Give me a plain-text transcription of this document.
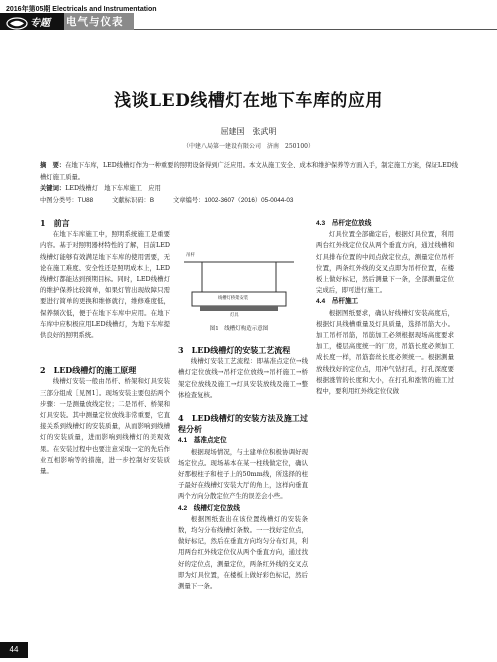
2016年第05期 Electricals and Instrumentation
专题 电气与仪表
浅谈LED线槽灯在地下车库的应用
屈建国　张武明
（中建八局第一建设有限公司　济南　250100）
摘　要：在地下车库，LED线槽灯作为一种重要的照明设备得到广泛应用。本文从施工安全、成本和维护保养等方面入手，制定施工方案，保证LED线槽灯施工质量。
关键词：LED线槽灯　地下车库施工　应用
中图分类号：TU88　　　文献标识码：B　　　文章编号：1002-3607（2016）05-0044-03
1　前言

在地下车库施工中，照明系统施工是重要内容。基于对照明器材特性的了解，目前LED线槽灯能够有效满足地下车库的使用需要，无论在施工难度、安全性还是照明成本上，LED线槽灯都能达到预期目标。同时，LED线槽灯的维护保养比较简单，如果灯管出现故障只需要进行简单的更换和维修就行，维修难度低，保养频次低，便于在地下车库中应用。在地下车库中应积极应用LED线槽灯，为地下车库提供良好的照明系统。

2　LED线槽灯的施工原理

线槽灯安装一般由吊杆、桥架和灯具安装三部分组成［见图1］。现场安装主要包括两个步骤：一是测量放线定位；二是吊杆、桥架和灯具安装。其中测量定位放线非常重要，它直接关系到线槽灯的安装质量，从而影响到线槽灯的安装质量，进而影响到线槽灯的美观效果。在安装过程中也要注意采取一定的先后作业互相影响等的措施，进一步控制好安装质量。

吊杆
线槽灯桥架安装
灯具
图1　线槽灯构造示意图
3　LED线槽灯的安装工艺流程

线槽灯安装工艺流程：即基准点定位→线槽灯定位放线→吊杆定位放线→吊杆施工→桥架定位放线及施工→灯具安装放线及施工→整体检查复核。

4　LED线槽灯的安装方法及施工过程分析
4.1　基准点定位

根据现场情况，与土建单位积极协调好现场定位点。现场基本在某一柱线做定位，确认好那根柱子和柱子上的50mm线，所选择的柱子最好在线槽灯安装大厅的角上，这样向垂直两个方向分散定位产生的误差会小些。

4.2　线槽灯定位放线

根据图纸查出在该位置线槽灯的安装条数，均匀分布线槽灯条数。一一找好定位点，做好标记，然后在垂直方向均匀分布灯具，利用两台红外线定位仪从两个垂直方向，通过找好的定位点，测量定位，两条红外线的交叉点即为灯具位置，在楼板上做好彩色标记，然后测量下一条。

4.3　吊杆定位放线

灯具位置全部确定后，根据灯具位置，利用两台红外线定位仪从两个垂直方向，通过线槽和灯具排布位置的中间点做定位点，测量定位吊杆位置，两条红外线的交叉点即为吊杆位置，在楼板上做好标记，然后测量下一条，全部测量定位完成后，即可进行施工。

4.4　吊杆施工

根据图纸要求，确认好线槽灯安装高度后，根据灯具线槽重量及灯具质量，选择吊筋大小。加工吊杆吊筋，吊筋加工必须根据现场高度要求加工，楼层高度统一的厂房，吊筋长度必须加工成长度一样，吊筋套丝长度必须统一。根据测量放线找好的定位点，用冲气钻打孔，打孔深度要根据涨管的长度和大小，在打孔和涨管的施工过程中，要利用红外线定位仪做

44
